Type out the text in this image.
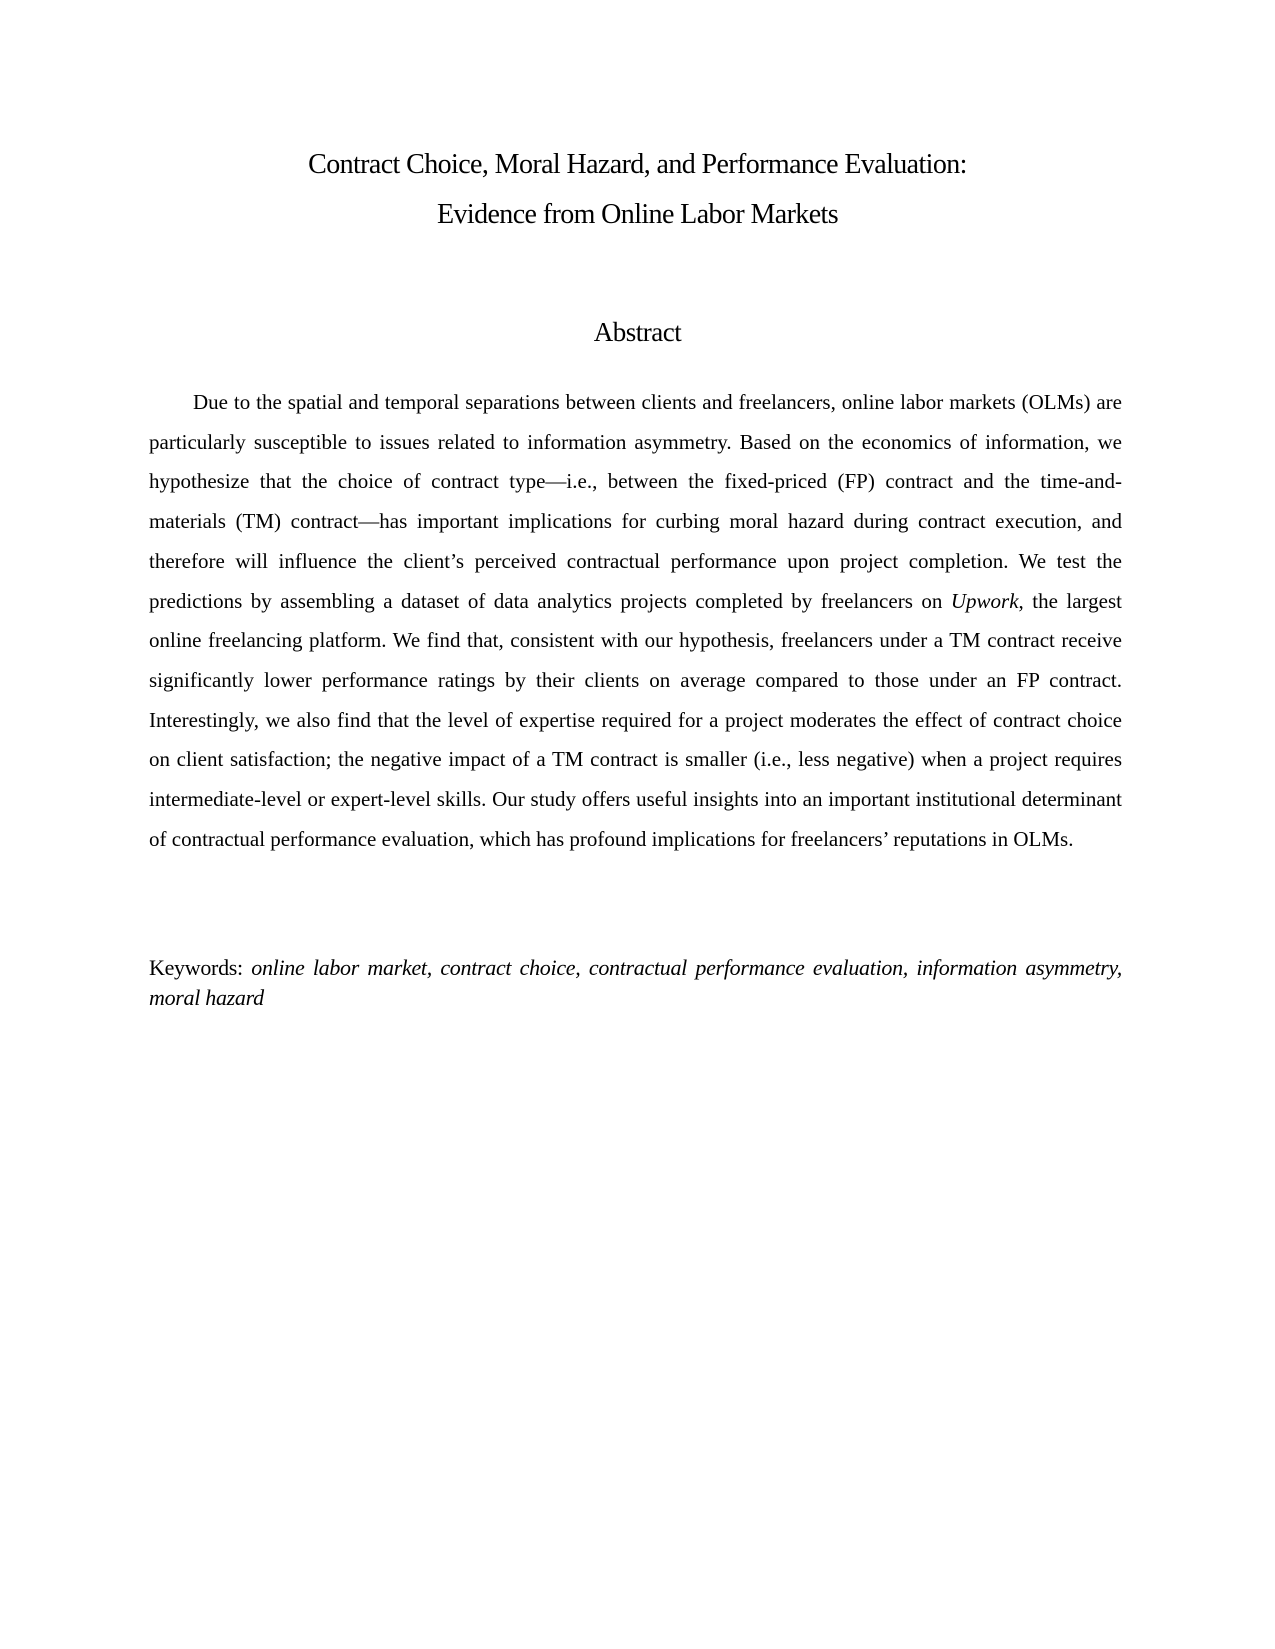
Contract Choice, Moral Hazard, and Performance Evaluation:
Evidence from Online Labor Markets
Abstract

Due to the spatial and temporal separations between clients and freelancers, online labor markets (OLMs) are particularly susceptible to issues related to information asymmetry. Based on the economics of information, we hypothesize that the choice of contract type—i.e., between the fixed-priced (FP) contract and the time-and-materials (TM) contract—has important implications for curbing moral hazard during contract execution, and therefore will influence the client’s perceived contractual performance upon project completion. We test the predictions by assembling a dataset of data analytics projects completed by freelancers on Upwork, the largest online freelancing platform. We find that, consistent with our hypothesis, freelancers under a TM contract receive significantly lower performance ratings by their clients on average compared to those under an FP contract. Interestingly, we also find that the level of expertise required for a project moderates the effect of contract choice on client satisfaction; the negative impact of a TM contract is smaller (i.e., less negative) when a project requires intermediate-level or expert-level skills. Our study offers useful insights into an important institutional determinant of contractual performance evaluation, which has profound implications for freelancers’ reputations in OLMs.

Keywords: online labor market, contract choice, contractual performance evaluation, information asymmetry, moral hazard
